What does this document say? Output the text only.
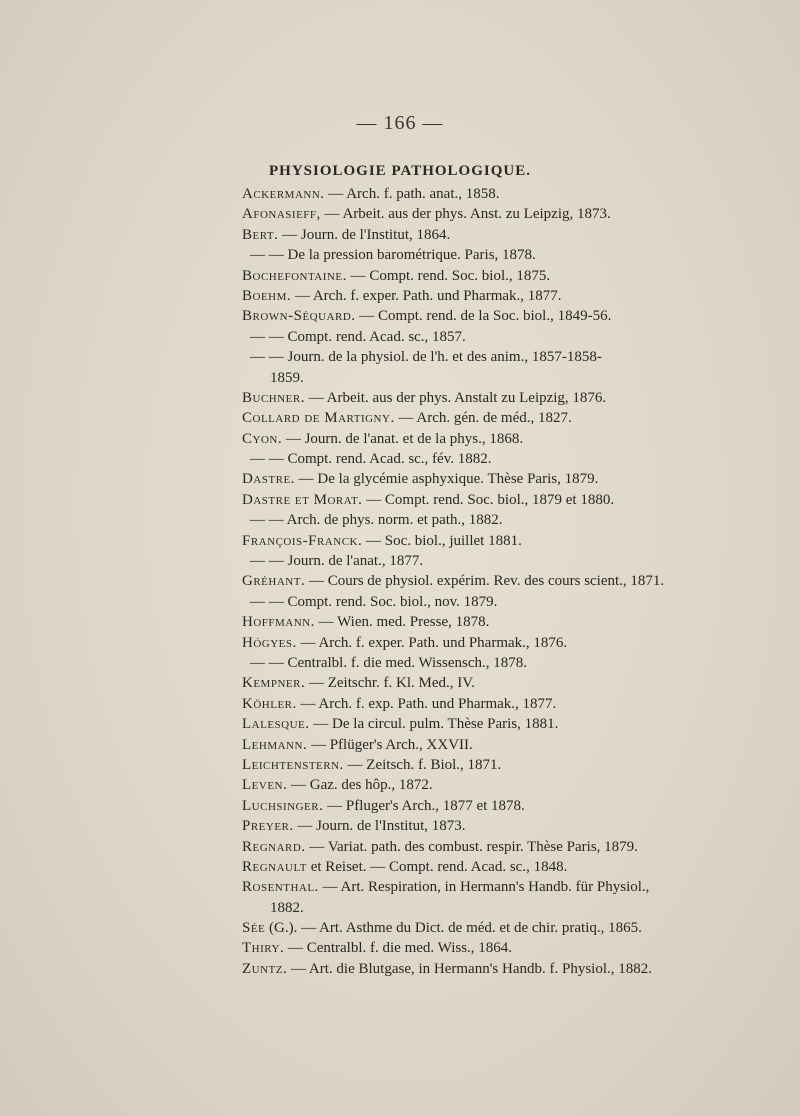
— 166 —
PHYSIOLOGIE PATHOLOGIQUE.
Ackermann. — Arch. f. path. anat., 1858.
Afonasieff, — Arbeit. aus der phys. Anst. zu Leipzig, 1873.
Bert. — Journ. de l'Institut, 1864.
— — De la pression barométrique. Paris, 1878.
Bochefontaine. — Compt. rend. Soc. biol., 1875.
Boehm. — Arch. f. exper. Path. und Pharmak., 1877.
Brown-Séquard. — Compt. rend. de la Soc. biol., 1849-56.
— — Compt. rend. Acad. sc., 1857.
— — Journ. de la physiol. de l'h. et des anim., 1857-1858-
1859.
Buchner. — Arbeit. aus der phys. Anstalt zu Leipzig, 1876.
Collard de Martigny. — Arch. gén. de méd., 1827.
Cyon. — Journ. de l'anat. et de la phys., 1868.
— — Compt. rend. Acad. sc., fév. 1882.
Dastre. — De la glycémie asphyxique. Thèse Paris, 1879.
Dastre et Morat. — Compt. rend. Soc. biol., 1879 et 1880.
— — Arch. de phys. norm. et path., 1882.
François-Franck. — Soc. biol., juillet 1881.
— — Journ. de l'anat., 1877.
Gréhant. — Cours de physiol. expérim. Rev. des cours scient., 1871.
— — Compt. rend. Soc. biol., nov. 1879.
Hoffmann. — Wien. med. Presse, 1878.
Hógyes. — Arch. f. exper. Path. und Pharmak., 1876.
— — Centralbl. f. die med. Wissensch., 1878.
Kempner. — Zeitschr. f. Kl. Med., IV.
Köhler. — Arch. f. exp. Path. und Pharmak., 1877.
Lalesque. — De la circul. pulm. Thèse Paris, 1881.
Lehmann. — Pflüger's Arch., XXVII.
Leichtenstern. — Zeitsch. f. Biol., 1871.
Leven. — Gaz. des hôp., 1872.
Luchsinger. — Pfluger's Arch., 1877 et 1878.
Preyer. — Journ. de l'Institut, 1873.
Regnard. — Variat. path. des combust. respir. Thèse Paris, 1879.
Regnault et Reiset. — Compt. rend. Acad. sc., 1848.
Rosenthal. — Art. Respiration, in Hermann's Handb. für Physiol.,
1882.
Sée (G.). — Art. Asthme du Dict. de méd. et de chir. pratiq., 1865.
Thiry. — Centralbl. f. die med. Wiss., 1864.
Zuntz. — Art. die Blutgase, in Hermann's Handb. f. Physiol., 1882.
